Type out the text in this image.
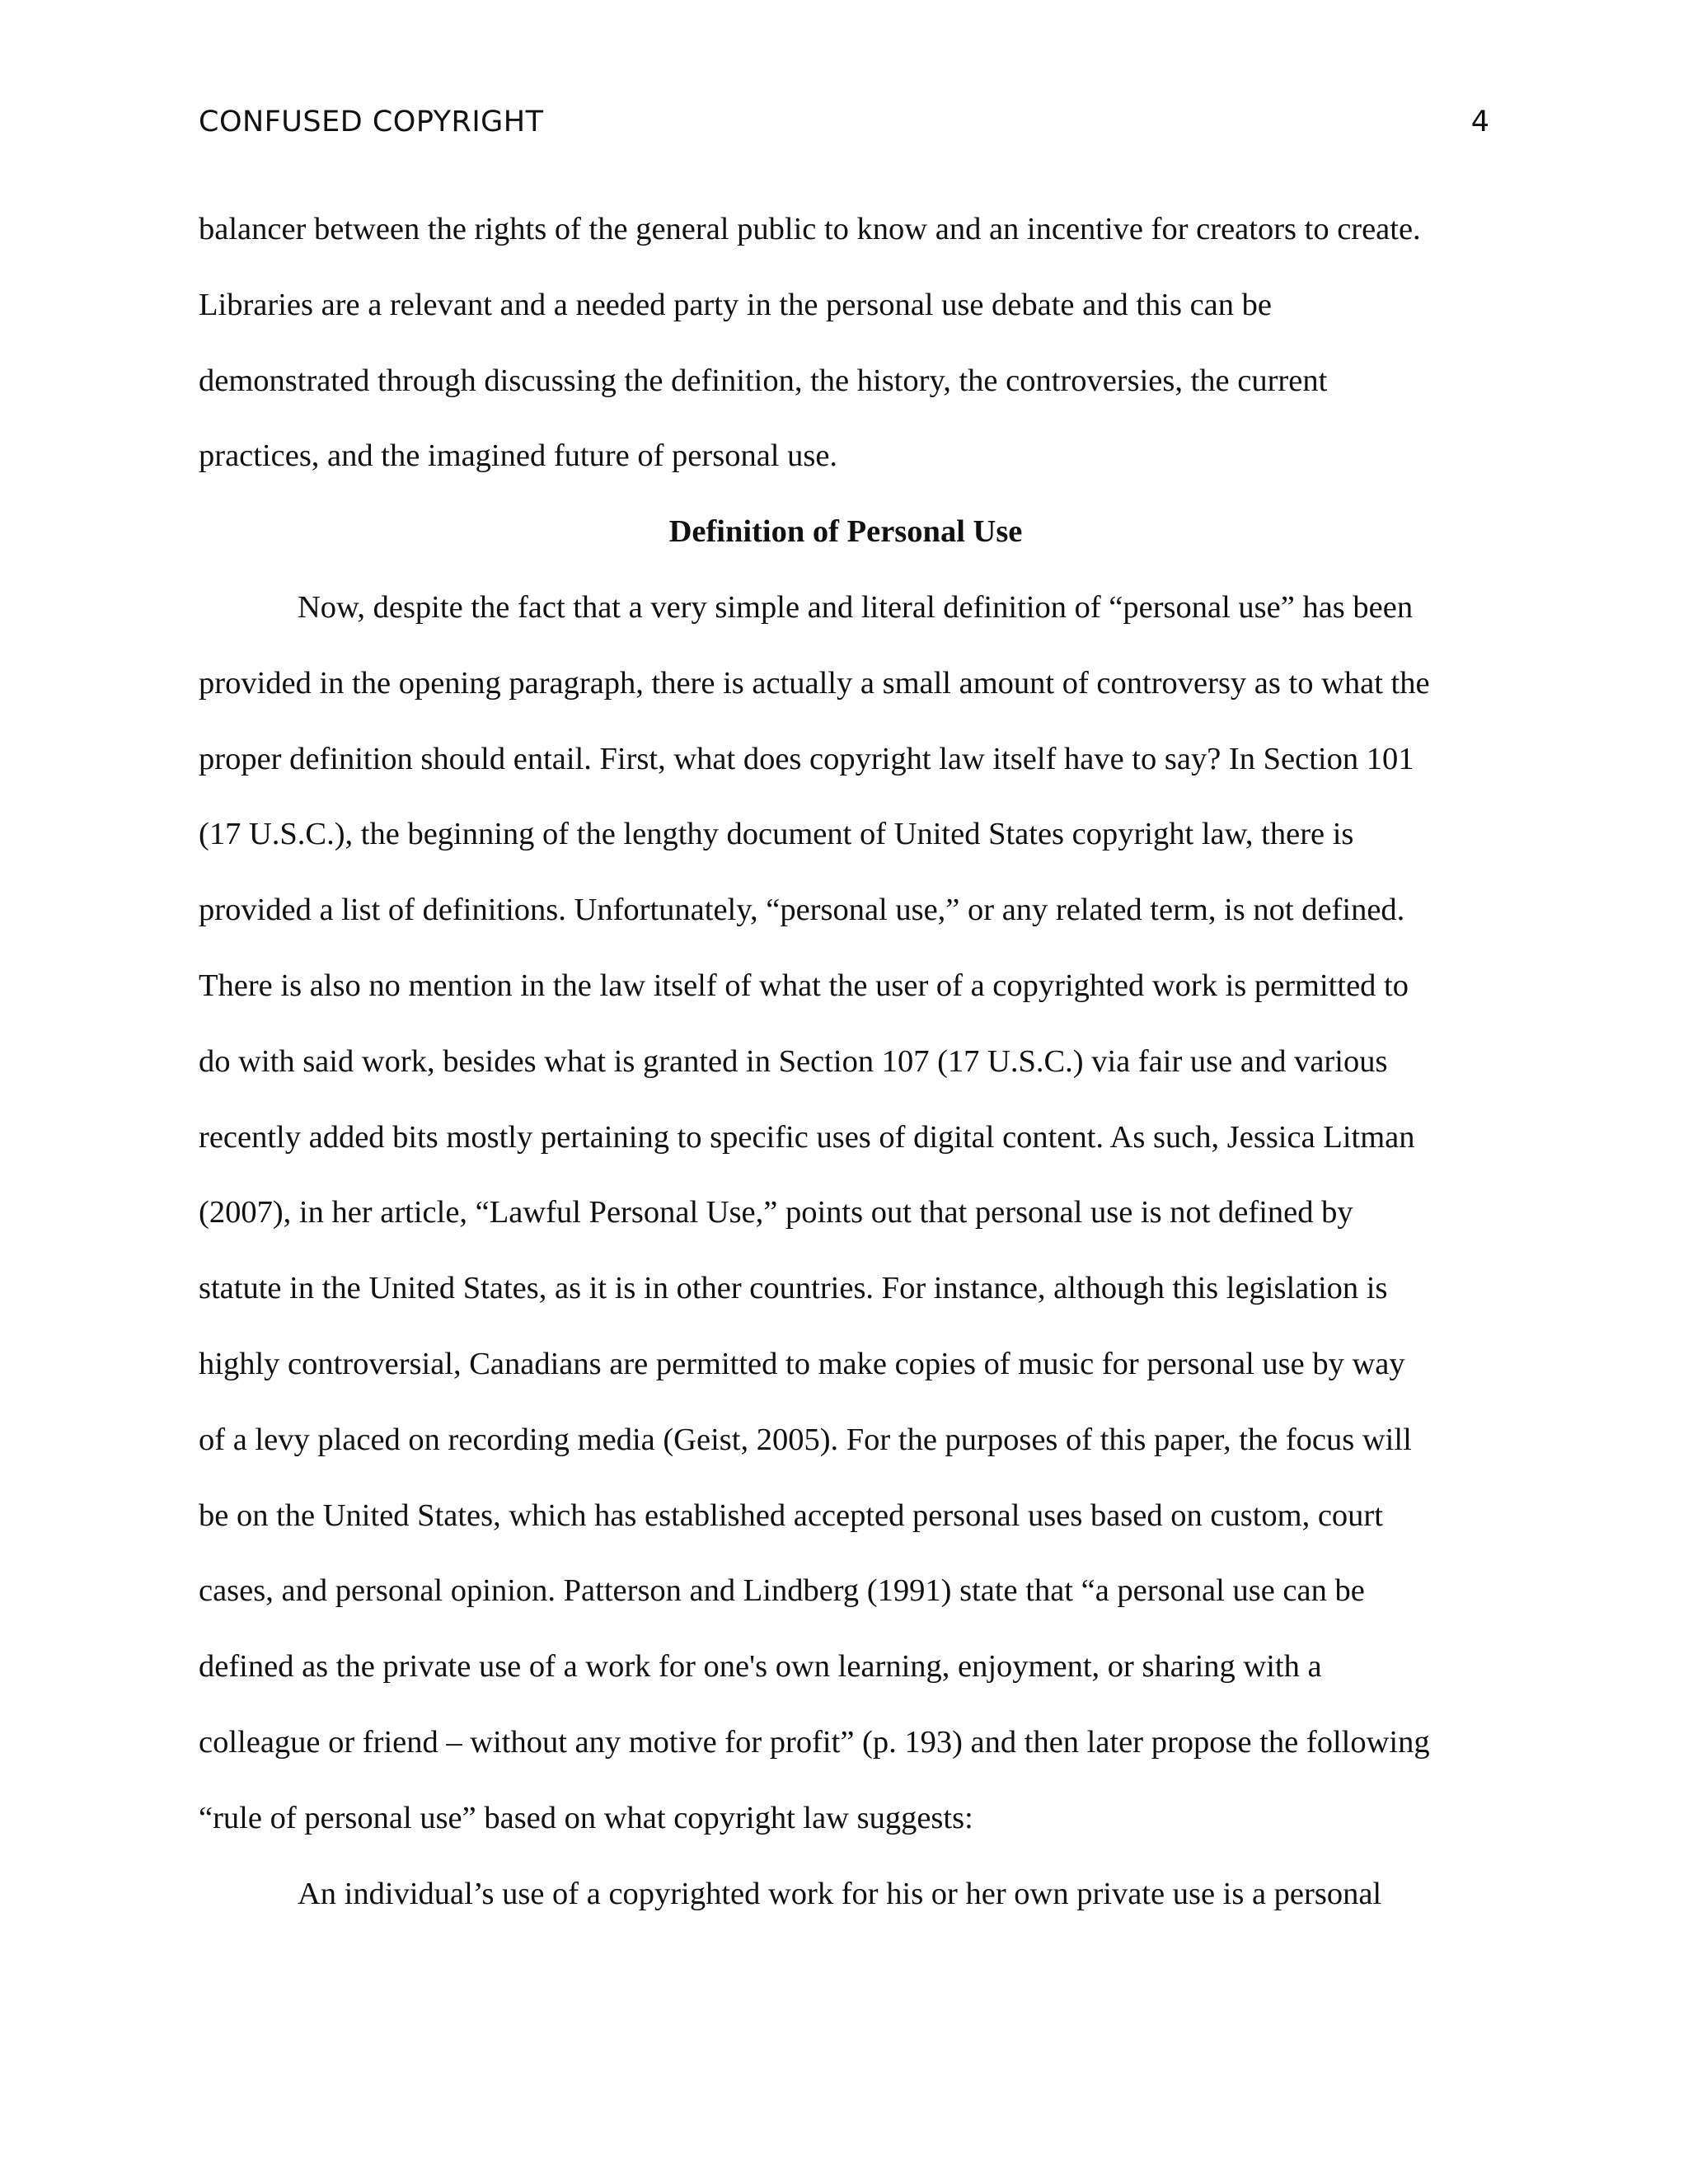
CONFUSED COPYRIGHT	4
balancer between the rights of the general public to know and an incentive for creators to create.
Libraries are a relevant and a needed party in the personal use debate and this can be
demonstrated through discussing the definition, the history, the controversies, the current
practices, and the imagined future of personal use.
Definition of Personal Use
Now, despite the fact that a very simple and literal definition of “personal use” has been
provided in the opening paragraph, there is actually a small amount of controversy as to what the
proper definition should entail. First, what does copyright law itself have to say? In Section 101
(17 U.S.C.), the beginning of the lengthy document of United States copyright law, there is
provided a list of definitions. Unfortunately, “personal use,” or any related term, is not defined.
There is also no mention in the law itself of what the user of a copyrighted work is permitted to
do with said work, besides what is granted in Section 107 (17 U.S.C.) via fair use and various
recently added bits mostly pertaining to specific uses of digital content. As such, Jessica Litman
(2007), in her article, “Lawful Personal Use,” points out that personal use is not defined by
statute in the United States, as it is in other countries. For instance, although this legislation is
highly controversial, Canadians are permitted to make copies of music for personal use by way
of a levy placed on recording media (Geist, 2005). For the purposes of this paper, the focus will
be on the United States, which has established accepted personal uses based on custom, court
cases, and personal opinion. Patterson and Lindberg (1991) state that “a personal use can be
defined as the private use of a work for one's own learning, enjoyment, or sharing with a
colleague or friend – without any motive for profit” (p. 193) and then later propose the following
“rule of personal use” based on what copyright law suggests:
An individual’s use of a copyrighted work for his or her own private use is a personal
